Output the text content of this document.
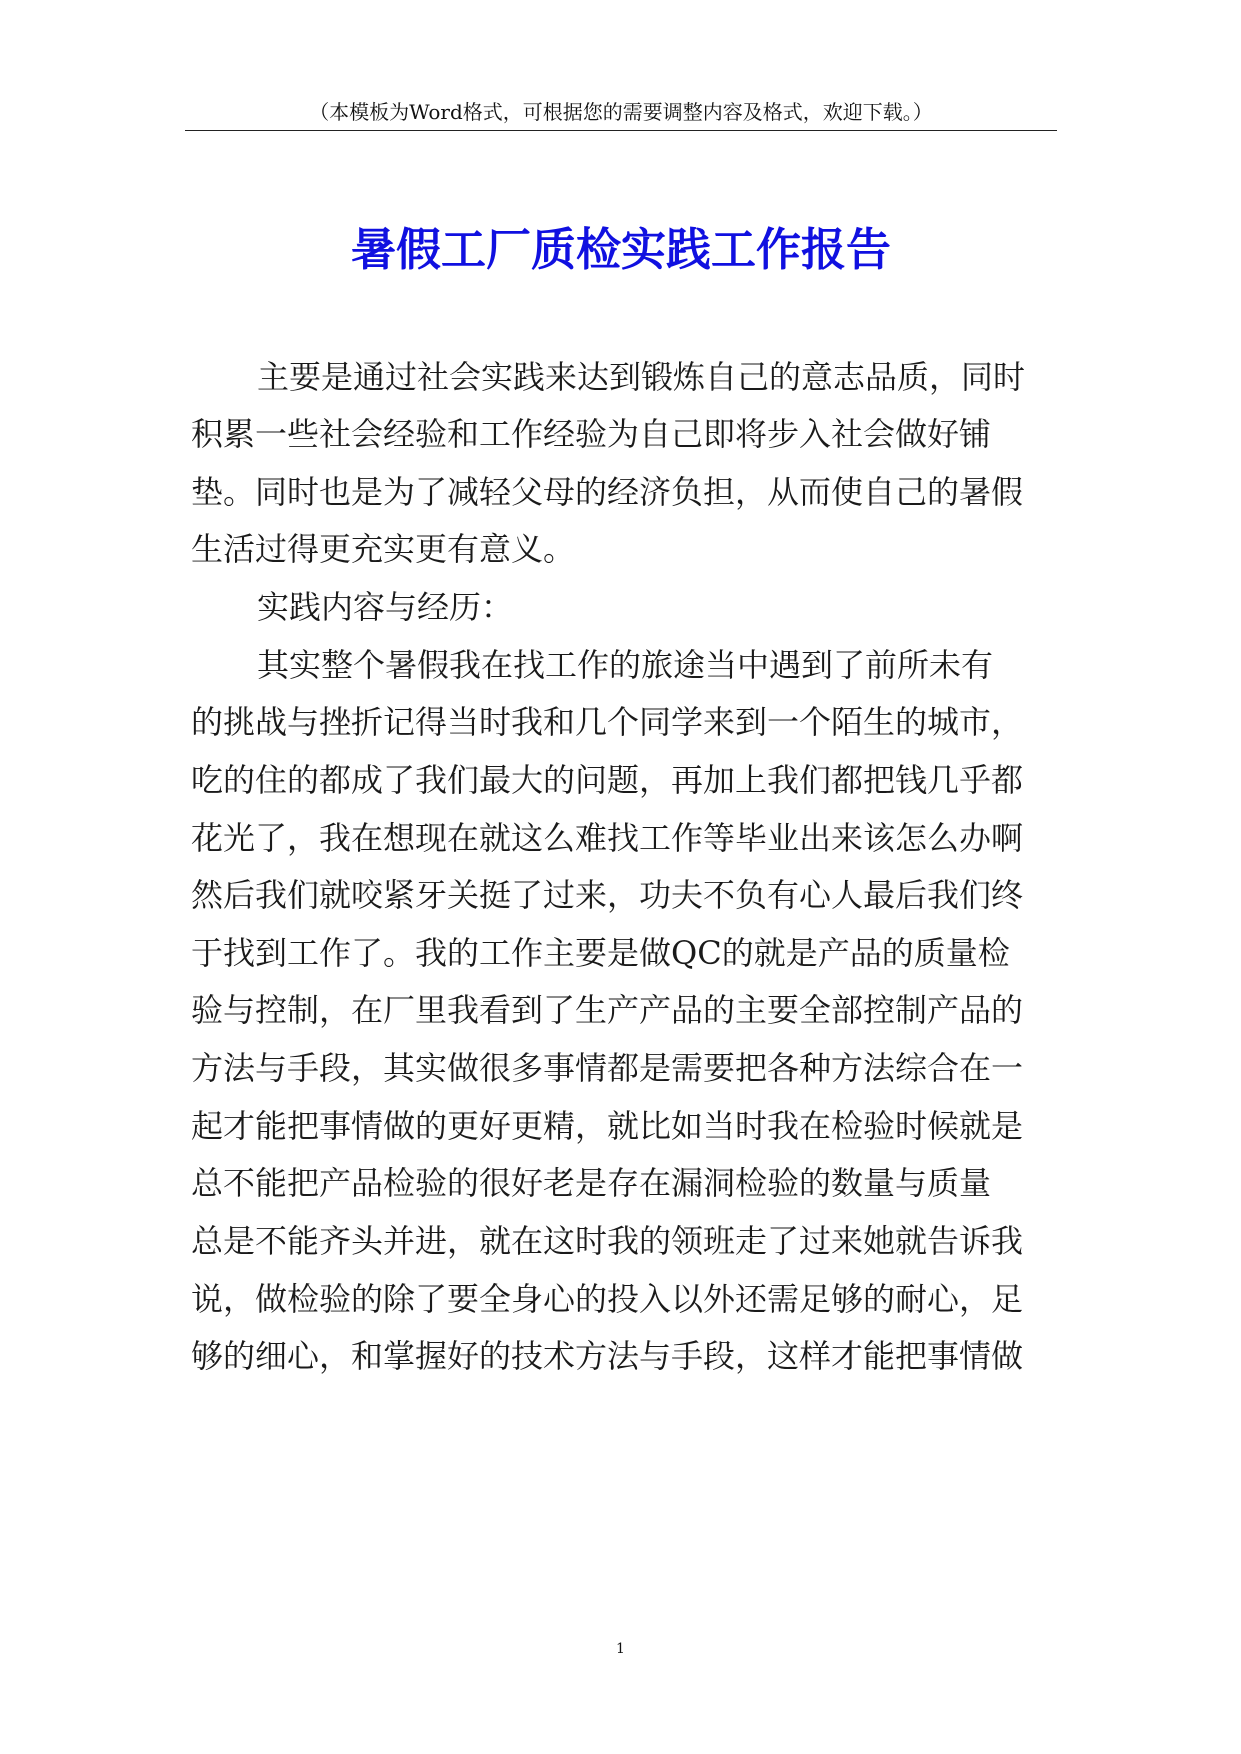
（本模板为Word格式，可根据您的需要调整内容及格式，欢迎下载。）
暑假工厂质检实践工作报告
主要是通过社会实践来达到锻炼自己的意志品质，同时
积累一些社会经验和工作经验为自己即将步入社会做好铺
垫。同时也是为了减轻父母的经济负担，从而使自己的暑假
生活过得更充实更有意义。
实践内容与经历：
其实整个暑假我在找工作的旅途当中遇到了前所未有
的挑战与挫折记得当时我和几个同学来到一个陌生的城市，
吃的住的都成了我们最大的问题，再加上我们都把钱几乎都
花光了，我在想现在就这么难找工作等毕业出来该怎么办啊
然后我们就咬紧牙关挺了过来，功夫不负有心人最后我们终
于找到工作了。我的工作主要是做QC的就是产品的质量检
验与控制，在厂里我看到了生产产品的主要全部控制产品的
方法与手段，其实做很多事情都是需要把各种方法综合在一
起才能把事情做的更好更精，就比如当时我在检验时候就是
总不能把产品检验的很好老是存在漏洞检验的数量与质量
总是不能齐头并进，就在这时我的领班走了过来她就告诉我
说，做检验的除了要全身心的投入以外还需足够的耐心，足
够的细心，和掌握好的技术方法与手段，这样才能把事情做
1
